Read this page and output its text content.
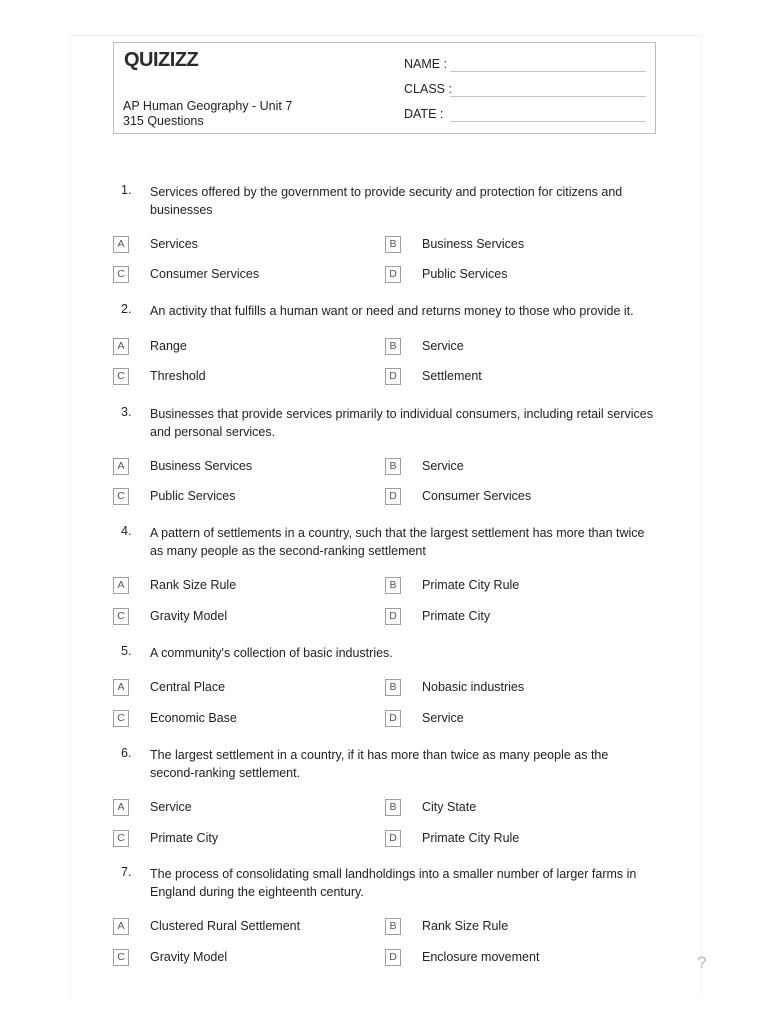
QUIZIZZ
AP Human Geography - Unit 7
315 Questions
NAME :
CLASS :
DATE :
1. Services offered by the government to provide security and protection for citizens and businesses
A	Services	B	Business Services
C	Consumer Services	D	Public Services
2. An activity that fulfills a human want or need and returns money to those who provide it.
A	Range	B	Service
C	Threshold	D	Settlement
3. Businesses that provide services primarily to individual consumers, including retail services and personal services.
A	Business Services	B	Service
C	Public Services	D	Consumer Services
4. A pattern of settlements in a country, such that the largest settlement has more than twice as many people as the second-ranking settlement
A	Rank Size Rule	B	Primate City Rule
C	Gravity Model	D	Primate City
5. A community's collection of basic industries.
A	Central Place	B	Nobasic industries
C	Economic Base	D	Service
6. The largest settlement in a country, if it has more than twice as many people as the second-ranking settlement.
A	Service	B	City State
C	Primate City	D	Primate City Rule
7. The process of consolidating small landholdings into a smaller number of larger farms in England during the eighteenth century.
A	Clustered Rural Settlement	B	Rank Size Rule
C	Gravity Model	D	Enclosure movement	?
